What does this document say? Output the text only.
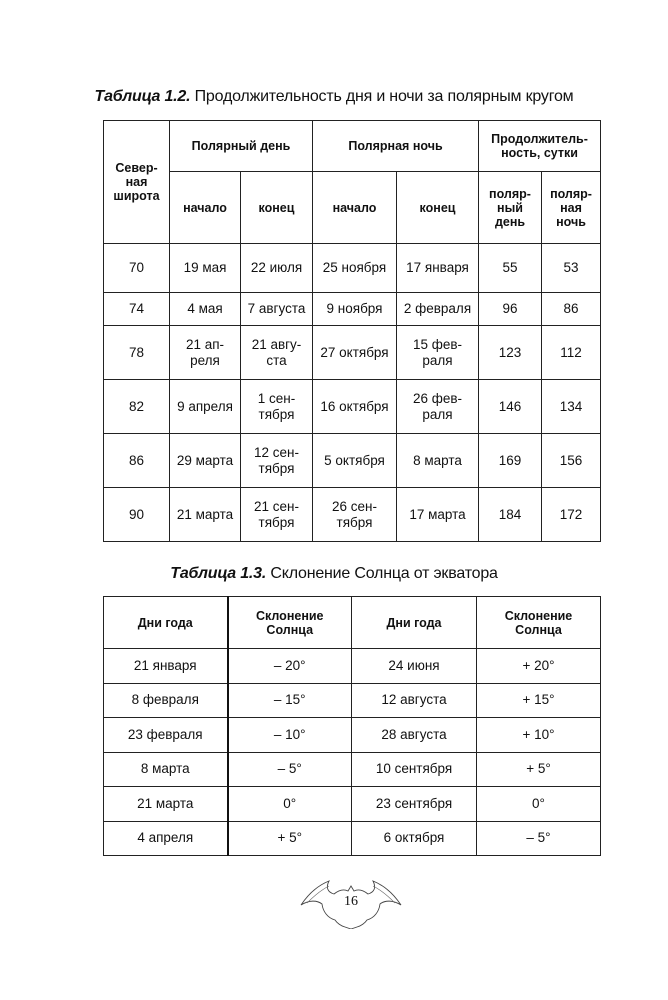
Таблица 1.2. Продолжительность дня и ночи за полярным кругом
Север-ная широта	Полярный день		Полярная ночь		Продолжитель-ность, сутки	
	начало	конец	начало	конец	поляр-ный день	поляр-ная ночь
70	19 мая	22 июля	25 ноября	17 января	55	53
74	4 мая	7 августа	9 ноября	2 февраля	96	86
78	21 ап-реля	21 авгу-ста	27 октября	15 фев-раля	123	112
82	9 апреля	1 сен-тября	16 октября	26 фев-раля	146	134
86	29 марта	12 сен-тября	5 октября	8 марта	169	156
90	21 марта	21 сен-тября	26 сен-тября	17 марта	184	172
Таблица 1.3. Склонение Солнца от экватора
Дни года	Склонение Солнца	Дни года	Склонение Солнца
21 января	– 20°	24 июня	+ 20°
8 февраля	– 15°	12 августа	+ 15°
23 февраля	– 10°	28 августа	+ 10°
8 марта	– 5°	10 сентября	+ 5°
21 марта	0°	23 сентября	0°
4 апреля	+ 5°	6 октября	– 5°
16
